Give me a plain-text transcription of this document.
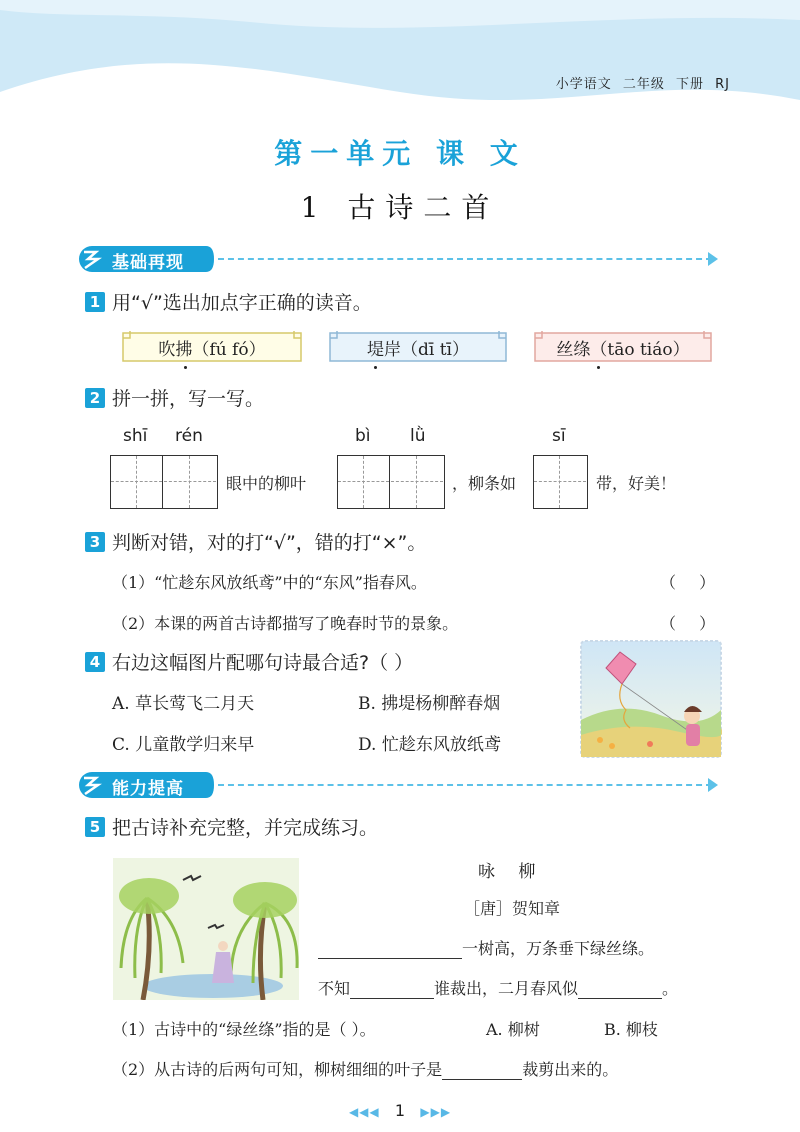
小学语文 二年级 下册 RJ
第一单元 课 文
1 古诗二首
基础再现
1 用“√”选出加点字正确的读音。
吹拂（fú fó）	堤岸（dī tī）	丝绦（tāo tiáo）
2 拼一拼，写一写。
shī rén	bì lǜ	sī
眼中的柳叶	，柳条如	带，好美！
3 判断对错，对的打“√”，错的打“×”。
（1）“忙趁东风放纸鸢”中的“东风”指春风。	（ ）
（2）本课的两首古诗都描写了晚春时节的景象。	（ ）
4 右边这幅图片配哪句诗最合适?（ ）
A. 草长莺飞二月天	B. 拂堤杨柳醉春烟
C. 儿童散学归来早	D. 忙趁东风放纸鸢
能力提高
5 把古诗补充完整，并完成练习。
咏 柳
［唐］贺知章
一树高，万条垂下绿丝绦。
不知	谁裁出，二月春风似	。
（1）古诗中的“绿丝绦”指的是（ ）。	A. 柳树	B. 柳枝
（2）从古诗的后两句可知，柳树细细的叶子是	裁剪出来的。
◀◀◀ 1 ▶▶▶
